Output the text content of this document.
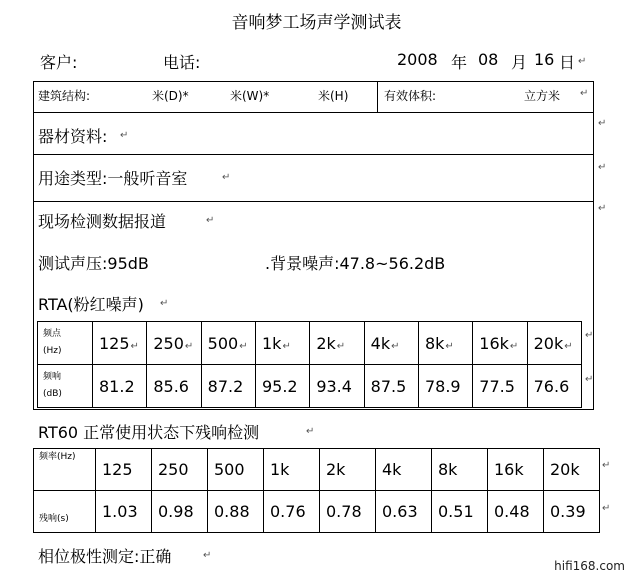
音响梦工场声学测试表
客户:	电话:	2008 年 08 月 16 日 ↵
建筑结构:	米(D)*	米(W)*	米(H)	有效体积:	立方米 ↵
器材资料: ↵
用途类型:一般听音室	↵
现场检测数据报道	↵
测试声压:95dB	.背景噪声:47.8~56.2dB
RTA(粉红噪声) ↵
频点
(Hz)	125↵	250↵	500↵	1k↵	2k↵	4k↵	8k↵	16k↵	20k↵
频响
(dB)	81.2	85.6	87.2	95.2	93.4	87.5	78.9	77.5	76.6
↵
↵
↵
↵
↵
RT60 正常使用状态下残响检测	↵
频率(Hz)	125	250	500	1k	2k	4k	8k	16k	20k
残响(s)	1.03	0.98	0.88	0.76	0.78	0.63	0.51	0.48	0.39
↵
↵
相位极性测定:正确	↵
hifi168.com
